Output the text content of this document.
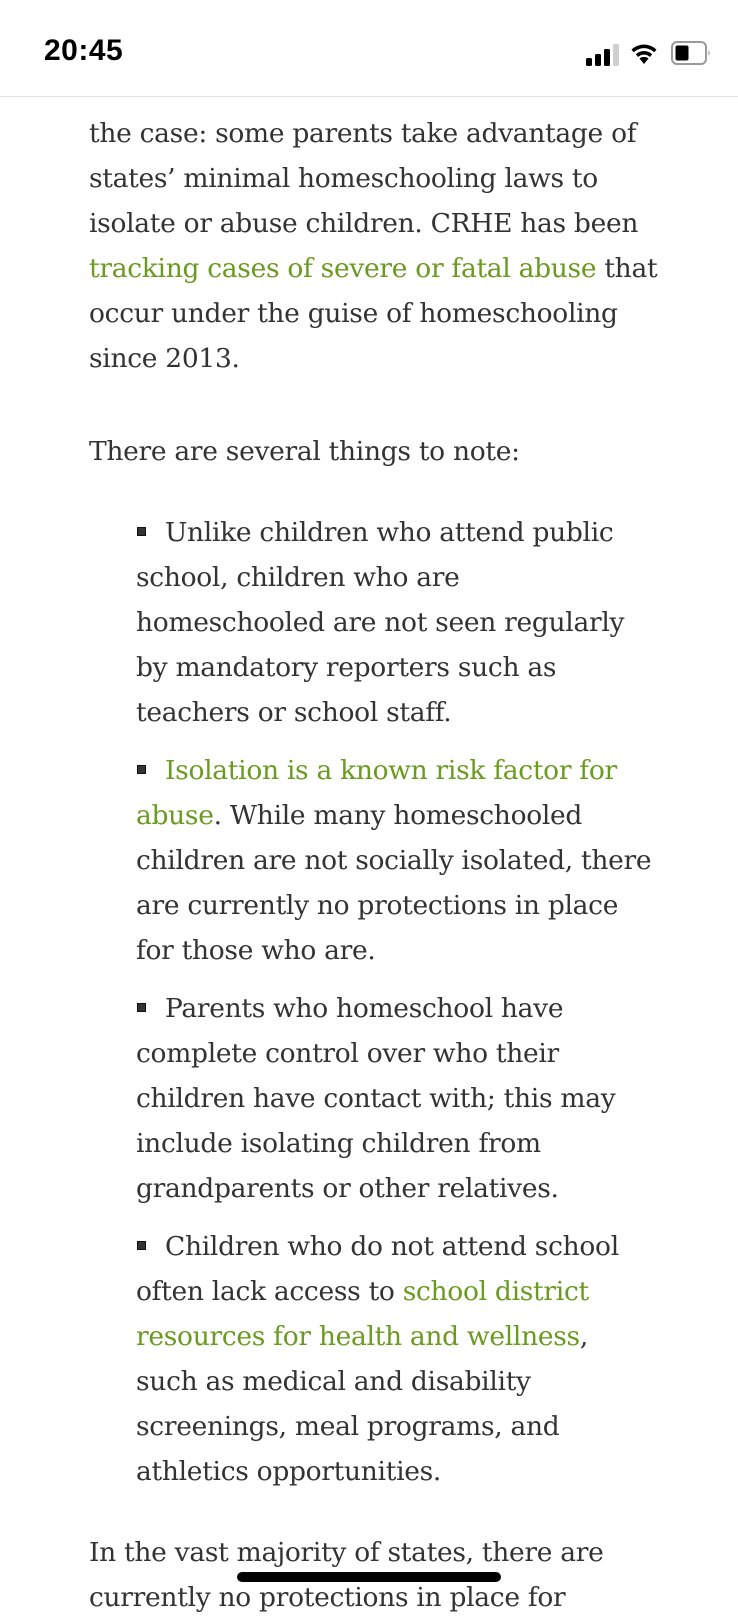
20:45
the case: some parents take advantage of
states’ minimal homeschooling laws to
isolate or abuse children. CRHE has been
tracking cases of severe or fatal abuse that
occur under the guise of homeschooling
since 2013.
There are several things to note:
Unlike children who attend public
school, children who are
homeschooled are not seen regularly
by mandatory reporters such as
teachers or school staff.
Isolation is a known risk factor for
abuse. While many homeschooled
children are not socially isolated, there
are currently no protections in place
for those who are.
Parents who homeschool have
complete control over who their
children have contact with; this may
include isolating children from
grandparents or other relatives.
Children who do not attend school
often lack access to school district
resources for health and wellness,
such as medical and disability
screenings, meal programs, and
athletics opportunities.
In the vast majority of states, there are
currently no protections in place for
